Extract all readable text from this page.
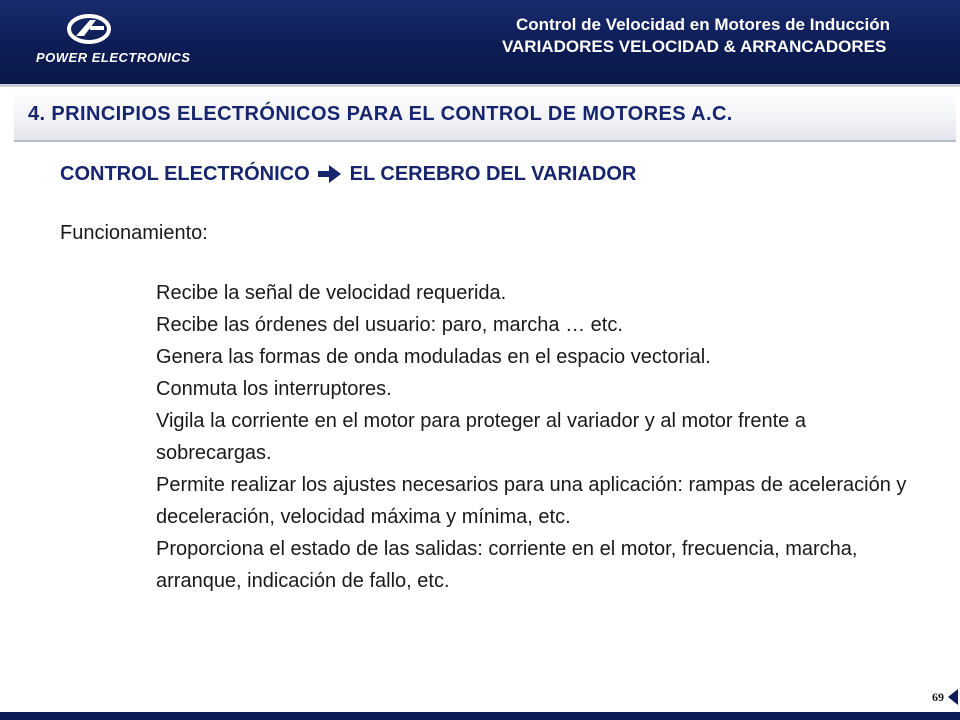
POWER ELECTRONICS
Control de Velocidad en Motores de Inducción
VARIADORES VELOCIDAD & ARRANCADORES
4. PRINCIPIOS ELECTRÓNICOS PARA EL CONTROL DE MOTORES A.C.
CONTROL ELECTRÓNICO EL CEREBRO DEL VARIADOR
Funcionamiento:
Recibe la señal de velocidad requerida.
Recibe las órdenes del usuario: paro, marcha … etc.
Genera las formas de onda moduladas en el espacio vectorial.
Conmuta los interruptores.
Vigila la corriente en el motor para proteger al variador y al motor frente a sobrecargas.
Permite realizar los ajustes necesarios para una aplicación: rampas de aceleración y deceleración, velocidad máxima y mínima, etc.
Proporciona el estado de las salidas: corriente en el motor, frecuencia, marcha, arranque, indicación de fallo, etc.
69
